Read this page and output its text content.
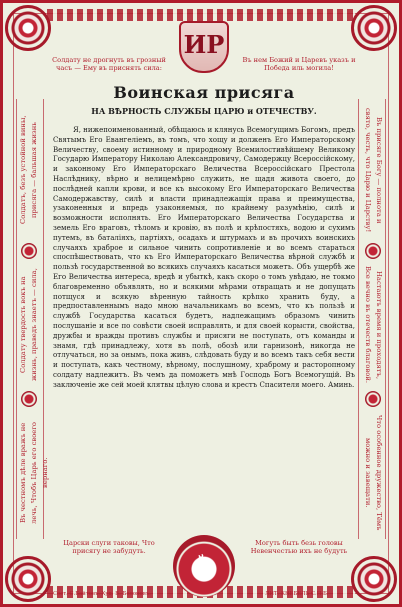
ИР
Солдату не дрогнуть въ грозный часъ — Ему въ приснять сила:
Въ нем Божий и Царевъ указъ и Победа иль могила!
Солдатъ, безъ устойной вины, присяга — бальшая жизнь
Солдату твердость вокъ на жизнь, праведъ знаетъ — сила,
Въ честномъ дѣле вражъ не лечь, Чтобъ Царь его своего вернаго.
Въ присяге Богу — полнота и свято, честь, что Царю и Царству!
Настаютъ время и проходятъ, Все вечно въ отечеств благовой.
Что особенное дружество, Тёмъ можно и завещати.
Воинская присяга
НА ВѢРНОСТЬ СЛУЖБЫ ЦАРЮ и ОТЕЧЕСТВУ.
Я, нижепоименованный, обѣщаюсь и клянусь Всемогущимъ Богомъ, предъ Святымъ Его Евангеліемъ, въ томъ, что хощу и долженъ Его Императорскому Величеству, своему истинному и природному Всемилостивѣйшему Великому Государю Императору Николаю Александровичу, Самодержцу Всероссійскому, и законному Его Императорскаго Величества Всероссійскаго Престола Наслѣднику, вѣрно и нелицемѣрно служить, не щадя живота своего, до послѣдней капли крови, и все къ высокому Его Императорскаго Величества Самодержавству, силѣ и власти принадлежащія права и преимущества, узаконенныя и впредь узаконяемыя, по крайнему разумѣнію, силѣ и возможности исполнять. Его Императорскаго Величества Государства и земель Его враговъ, тѣломъ и кровію, въ полѣ и крѣпостяхъ, водою и сухимъ путемъ, въ баталіяхъ, партіяхъ, осадахъ и штурмахъ и въ прочихъ воинскихъ случаяхъ храброе и сильное чинить сопротивленіе и во всемъ стараться споспѣшествовать, что къ Его Императорскаго Величества вѣрной службѣ и пользѣ государственной во всякихъ случаяхъ касаться можетъ. Объ ущербѣ же Его Величества интереса, вредѣ и убыткѣ, какъ скоро о томъ увѣдаю, не токмо благовременно объявлять, но и всякими мѣрами отвращать и не допущать потщуся и всякую вѣренную тайность крѣпко хранить буду, а предпоставленнымъ надо мною начальникамъ во всемъ, что къ пользѣ и службѣ Государства касаться будетъ, надлежащимъ образомъ чинить послушаніе и все по совѣсти своей исправлять, и для своей корысти, свойства, дружбы и вражды противъ службы и присяги не поступать, отъ команды и знамя, гдѣ принадлежу, хотя въ полѣ, обозѣ или гарнизонѣ, никогда не отлучаться, но за онымъ, пока живъ, слѣдовать буду и во всемъ такъ себя вести и поступать, какъ честному, вѣрному, послушному, храброму и расторопному солдату надлежитъ. Въ чемъ да поможетъ мнѣ Господь Богъ Всемогущій. Въ заключеніе же сей моей клятвы цѣлую слова и крестъ Спасителя моего. Аминь.
Царски слуги таковы, Что присягу не забудуть.
Могуть быть безь головы Невенчестью ихъ не будуть
♞
Сост. С.Байтовъ. Худ. В. Белоновъ.	ЛИТ. КНЕБЕЛЬ С.П.Б.
